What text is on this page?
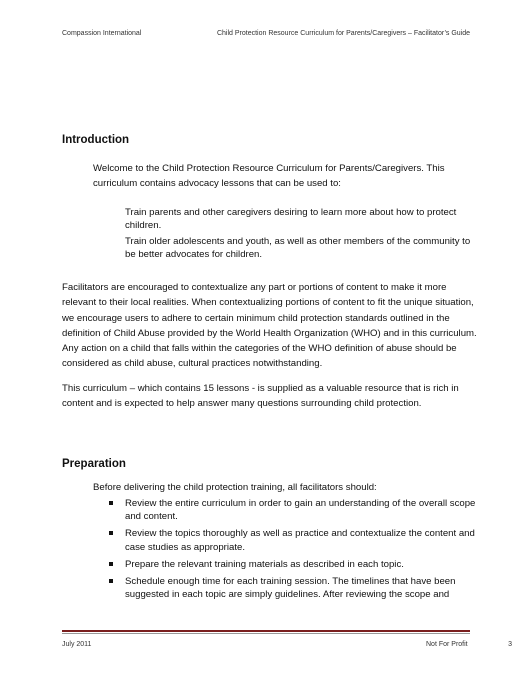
Compassion International	Child Protection Resource Curriculum for Parents/Caregivers – Facilitator’s Guide
Introduction

Welcome to the Child Protection Resource Curriculum for Parents/Caregivers. This curriculum contains advocacy lessons that can be used to:

Train parents and other caregivers desiring to learn more about how to protect children.
Train older adolescents and youth, as well as other members of the community to be better advocates for children.

Facilitators are encouraged to contextualize any part or portions of content to make it more relevant to their local realities. When contextualizing portions of content to fit the unique situation, we encourage users to adhere to certain minimum child protection standards outlined in the definition of Child Abuse provided by the World Health Organization (WHO) and in this curriculum. Any action on a child that falls within the categories of the WHO definition of abuse should be considered as child abuse, cultural practices notwithstanding.

This curriculum – which contains 15 lessons - is supplied as a valuable resource that is rich in content and is expected to help answer many questions surrounding child protection.

Preparation

Before delivering the child protection training, all facilitators should:

Review the entire curriculum in order to gain an understanding of the overall scope and content.
Review the topics thoroughly as well as practice and contextualize the content and case studies as appropriate.
Prepare the relevant training materials as described in each topic.
Schedule enough time for each training session. The timelines that have been suggested in each topic are simply guidelines. After reviewing the scope and
July 2011	Not For Profit	3
